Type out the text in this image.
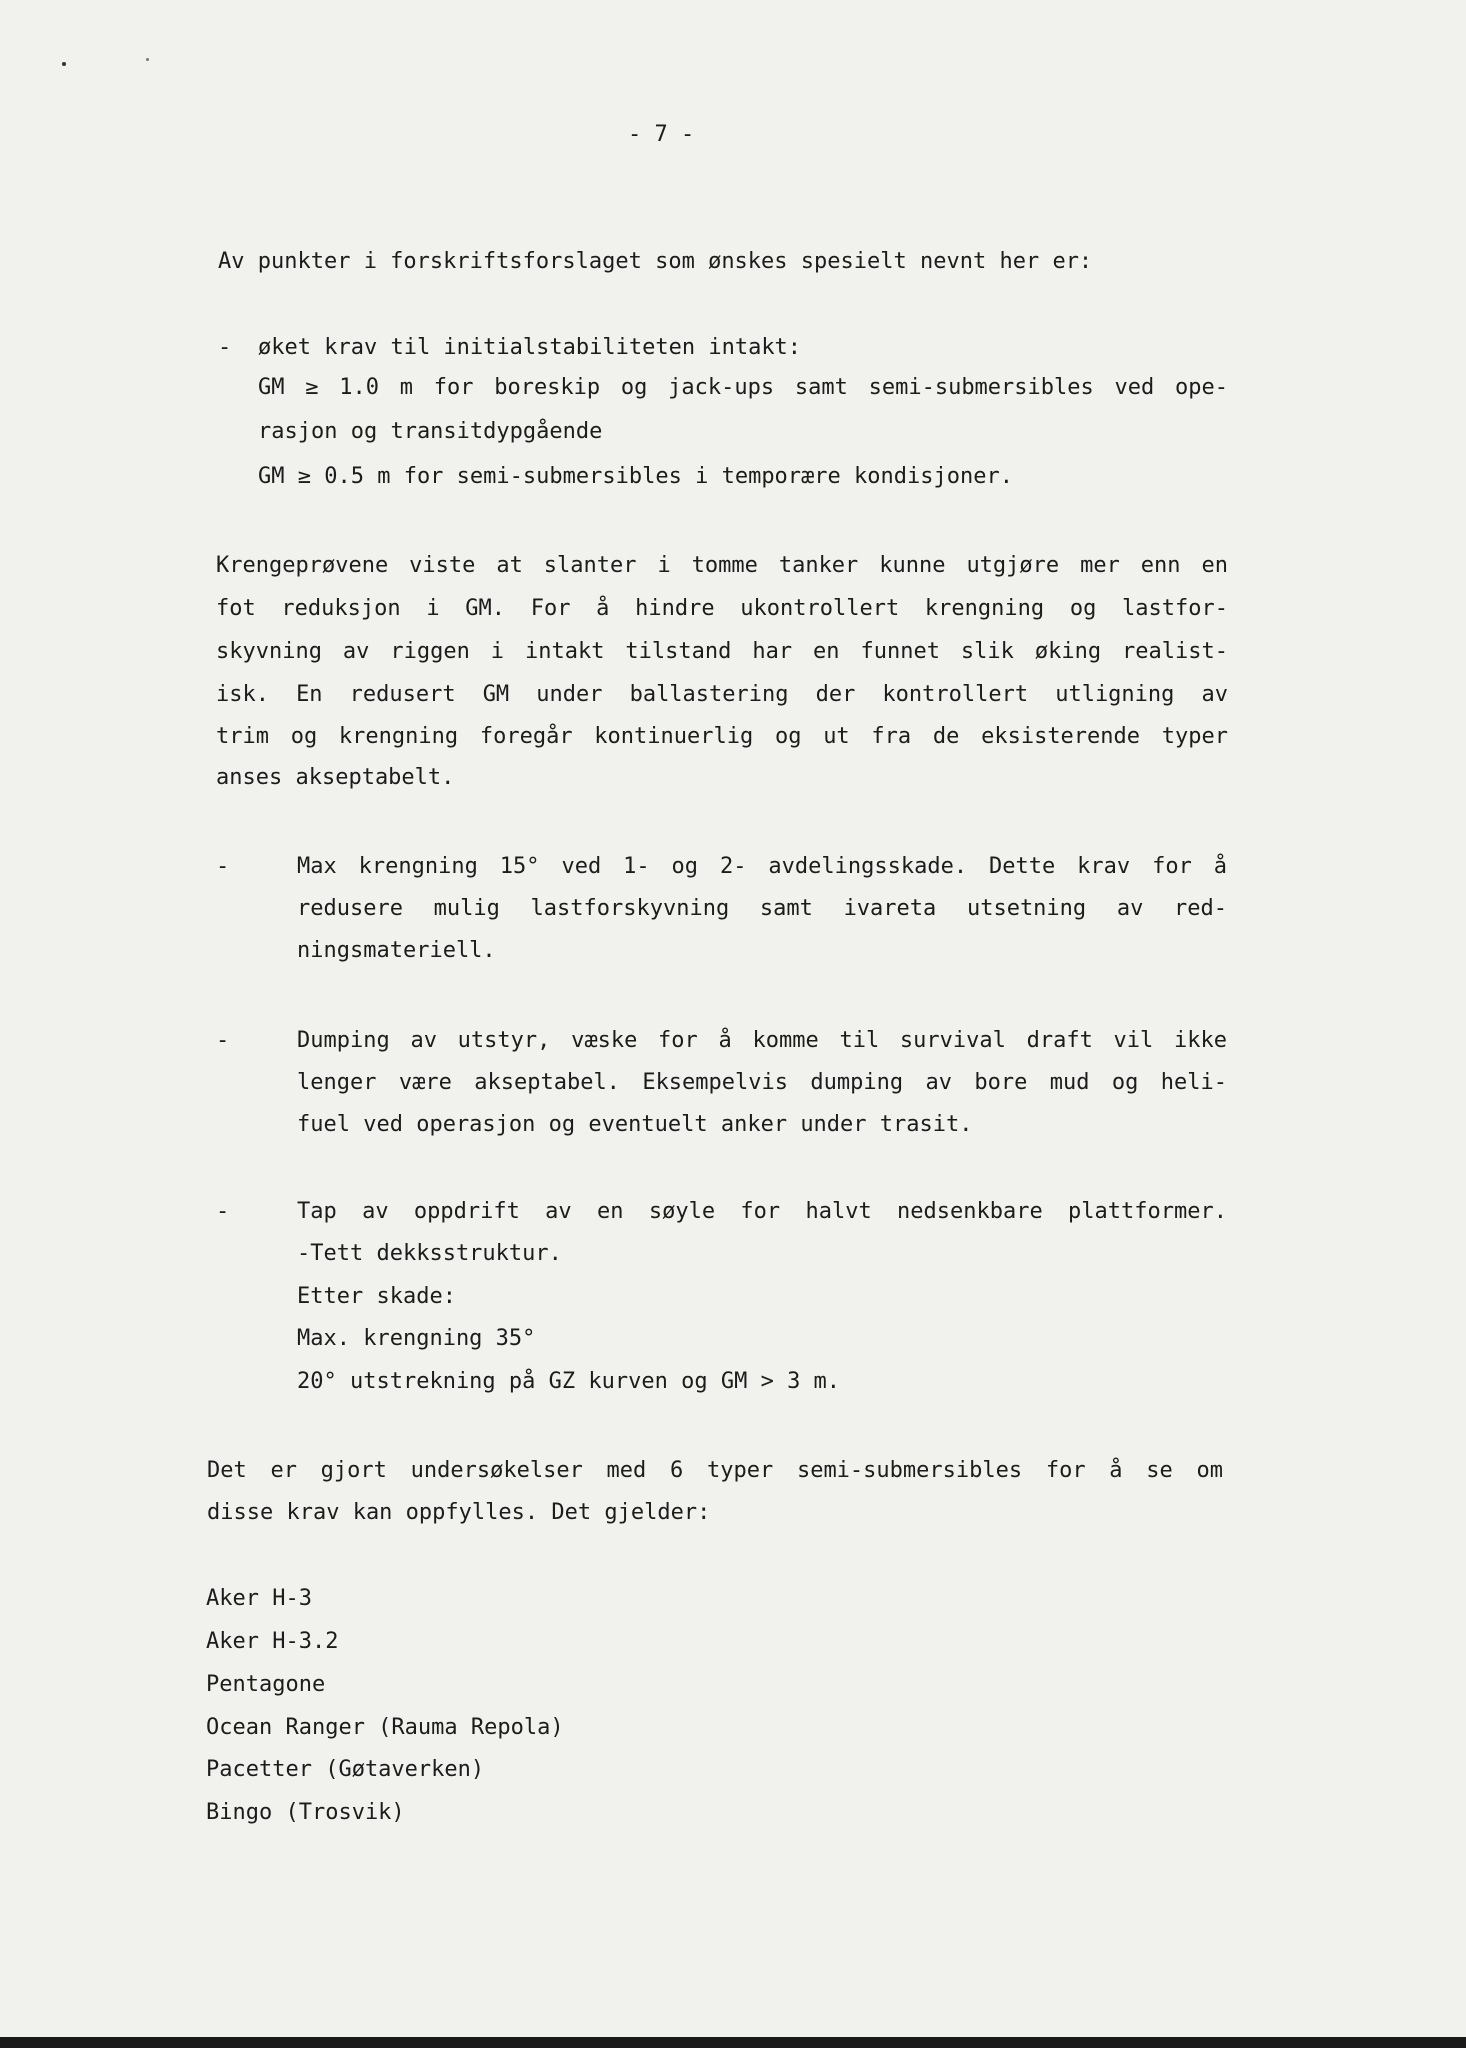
- 7 -
Av punkter i forskriftsforslaget som ønskes spesielt nevnt her er:
- øket krav til initialstabiliteten intakt:
GM ≥ 1.0 m for boreskip og jack-ups samt semi-submersibles ved ope-
rasjon og transitdypgående
GM ≥ 0.5 m for semi-submersibles i temporære kondisjoner.
Krengeprøvene viste at slanter i tomme tanker kunne utgjøre mer enn en
fot reduksjon i GM. For å hindre ukontrollert krengning og lastfor-
skyvning av riggen i intakt tilstand har en funnet slik øking realist-
isk. En redusert GM under ballastering der kontrollert utligning av
trim og krengning foregår kontinuerlig og ut fra de eksisterende typer
anses akseptabelt.
-	Max krengning 15° ved 1- og 2- avdelingsskade. Dette krav for å
redusere mulig lastforskyvning samt ivareta utsetning av red-
ningsmateriell.
-	Dumping av utstyr, væske for å komme til survival draft vil ikke
lenger være akseptabel. Eksempelvis dumping av bore mud og heli-
fuel ved operasjon og eventuelt anker under trasit.
-	Tap av oppdrift av en søyle for halvt nedsenkbare plattformer.
-Tett dekksstruktur.
Etter skade:
Max. krengning 35°
20° utstrekning på GZ kurven og GM > 3 m.
Det er gjort undersøkelser med 6 typer semi-submersibles for å se om
disse krav kan oppfylles. Det gjelder:
Aker H-3
Aker H-3.2
Pentagone
Ocean Ranger (Rauma Repola)
Pacetter (Gøtaverken)
Bingo (Trosvik)
